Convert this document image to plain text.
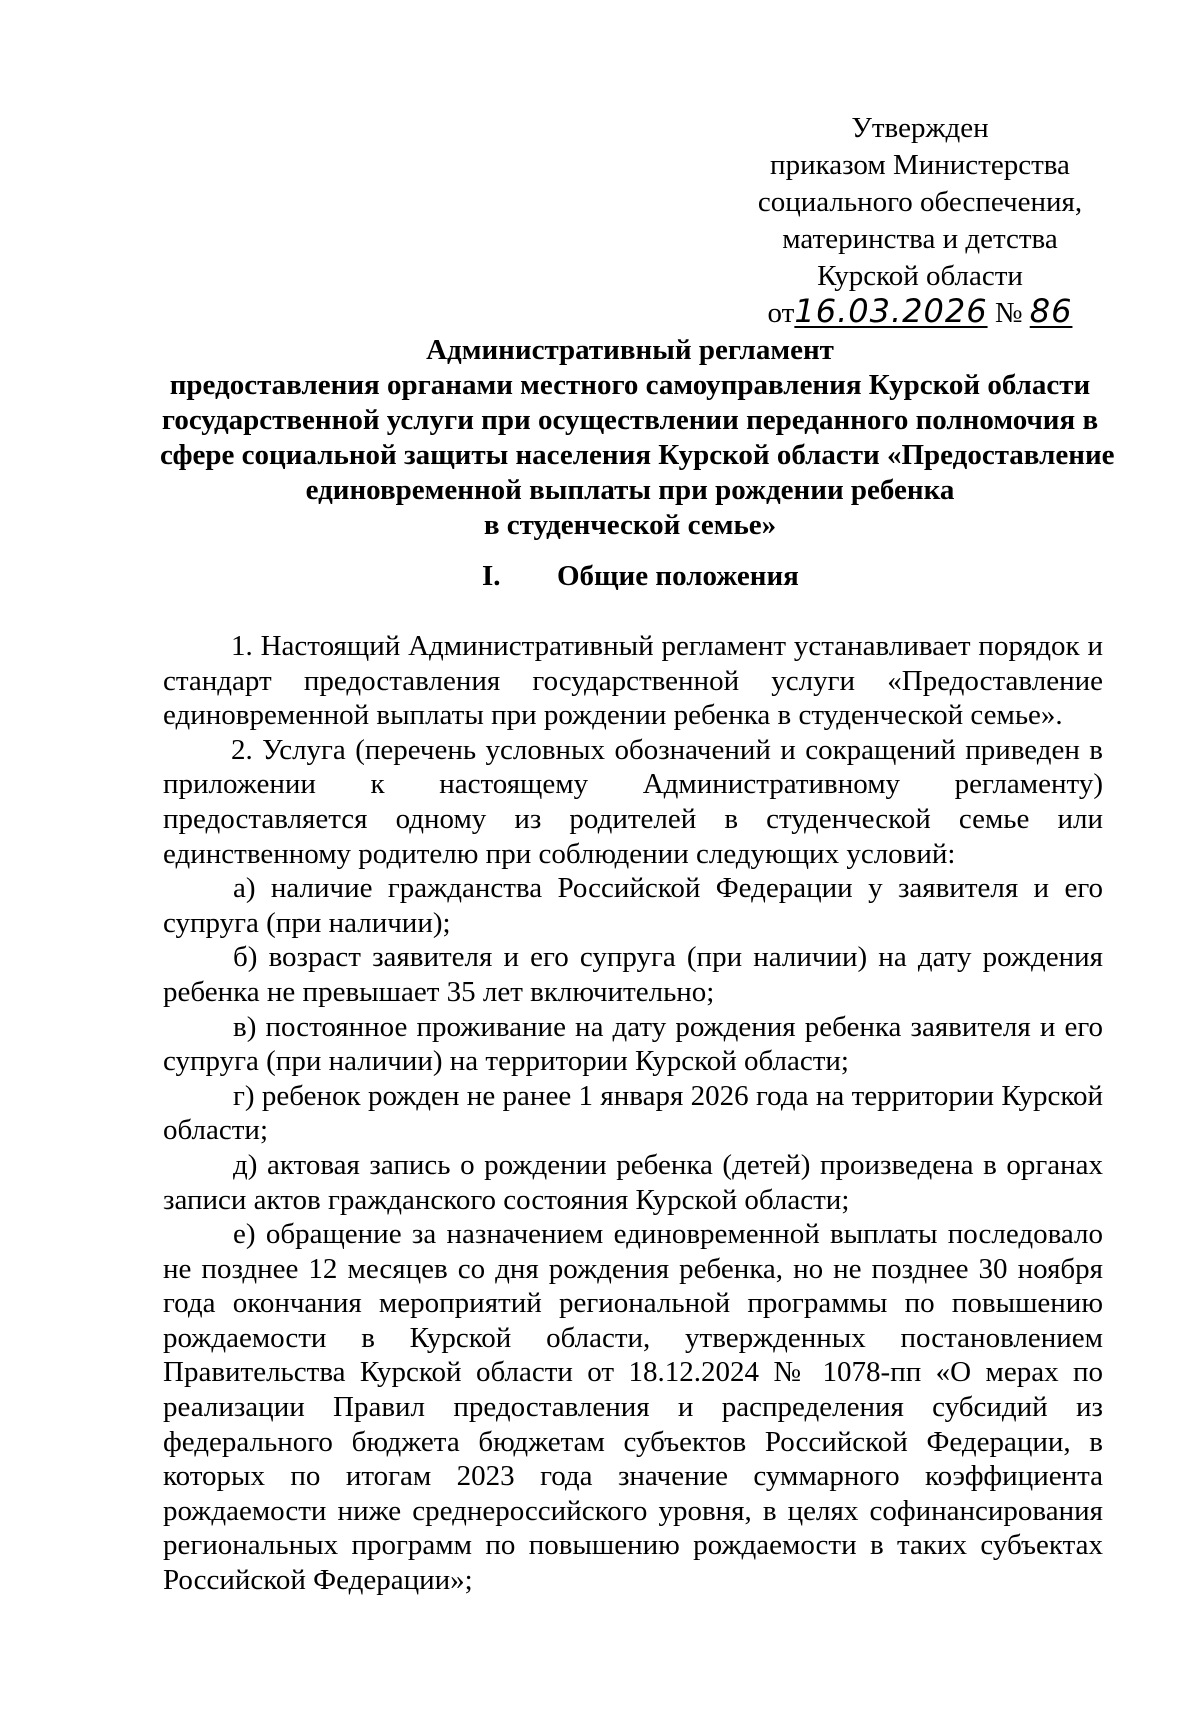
Утвержден
приказом Министерства
социального обеспечения,
материнства и детства
Курской области
от16.03.2026 № 86
Административный регламент
предоставления органами местного самоуправления Курской области
государственной услуги при осуществлении переданного полномочия в
сфере социальной защиты населения Курской области «Предоставление
единовременной выплаты при рождении ребенка
в студенческой семье»
I. Общие положения

1. Настоящий Административный регламент устанавливает порядок и стандарт предоставления государственной услуги «Предоставление единовременной выплаты при рождении ребенка в студенческой семье».

2. Услуга (перечень условных обозначений и сокращений приведен в приложении к настоящему Административному регламенту) предоставляется одному из родителей в студенческой семье или единственному родителю при соблюдении следующих условий:

а) наличие гражданства Российской Федерации у заявителя и его супруга (при наличии);

б) возраст заявителя и его супруга (при наличии) на дату рождения ребенка не превышает 35 лет включительно;

в) постоянное проживание на дату рождения ребенка заявителя и его супруга (при наличии) на территории Курской области;

г) ребенок рожден не ранее 1 января 2026 года на территории Курской области;

д) актовая запись о рождении ребенка (детей) произведена в органах записи актов гражданского состояния Курской области;

е) обращение за назначением единовременной выплаты последовало не позднее 12 месяцев со дня рождения ребенка, но не позднее 30 ноября года окончания мероприятий региональной программы по повышению рождаемости в Курской области, утвержденных постановлением Правительства Курской области от 18.12.2024 № 1078-пп «О мерах по реализации Правил предоставления и распределения субсидий из федерального бюджета бюджетам субъектов Российской Федерации, в которых по итогам 2023 года значение суммарного коэффициента рождаемости ниже среднероссийского уровня, в целях софинансирования региональных программ по повышению рождаемости в таких субъектах Российской Федерации»;
